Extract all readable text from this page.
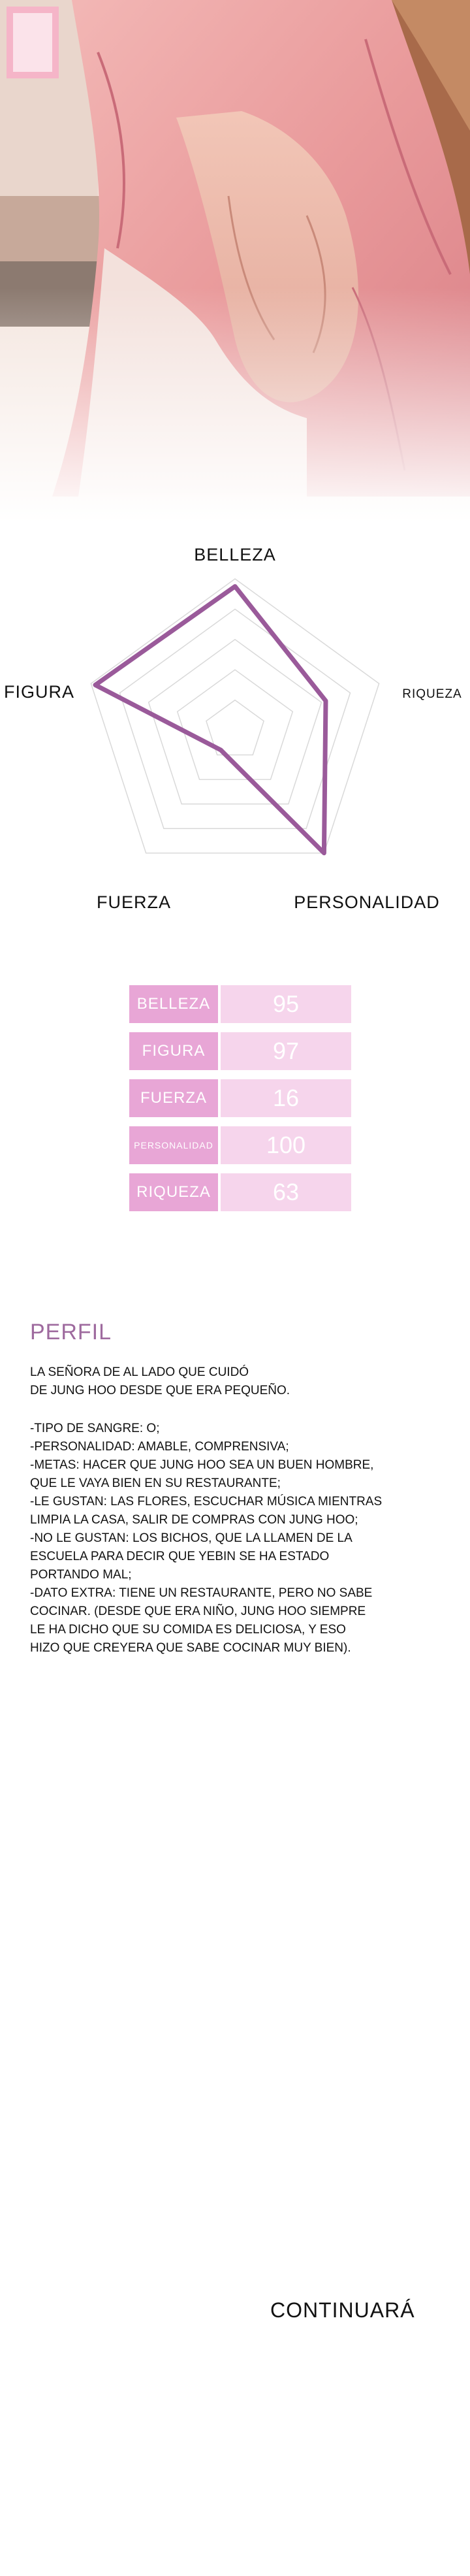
BELLEZA
RIQUEZA
FIGURA
FUERZA	PERSONALIDAD
BELLEZA	95
FIGURA	97
FUERZA	16
PERSONALIDAD	100
RIQUEZA	63
PERFIL
LA SEÑORA DE AL LADO QUE CUIDÓ
DE JUNG HOO DESDE QUE ERA PEQUEÑO.
-TIPO DE SANGRE: O;
-PERSONALIDAD: AMABLE, COMPRENSIVA;
-METAS: HACER QUE JUNG HOO SEA UN BUEN HOMBRE,
QUE LE VAYA BIEN EN SU RESTAURANTE;
-LE GUSTAN: LAS FLORES, ESCUCHAR MÚSICA MIENTRAS
LIMPIA LA CASA, SALIR DE COMPRAS CON JUNG HOO;
-NO LE GUSTAN: LOS BICHOS, QUE LA LLAMEN DE LA
ESCUELA PARA DECIR QUE YEBIN SE HA ESTADO
PORTANDO MAL;
-DATO EXTRA: TIENE UN RESTAURANTE, PERO NO SABE
COCINAR. (DESDE QUE ERA NIÑO, JUNG HOO SIEMPRE
LE HA DICHO QUE SU COMIDA ES DELICIOSA, Y ESO
HIZO QUE CREYERA QUE SABE COCINAR MUY BIEN).
CONTINUARÁ
